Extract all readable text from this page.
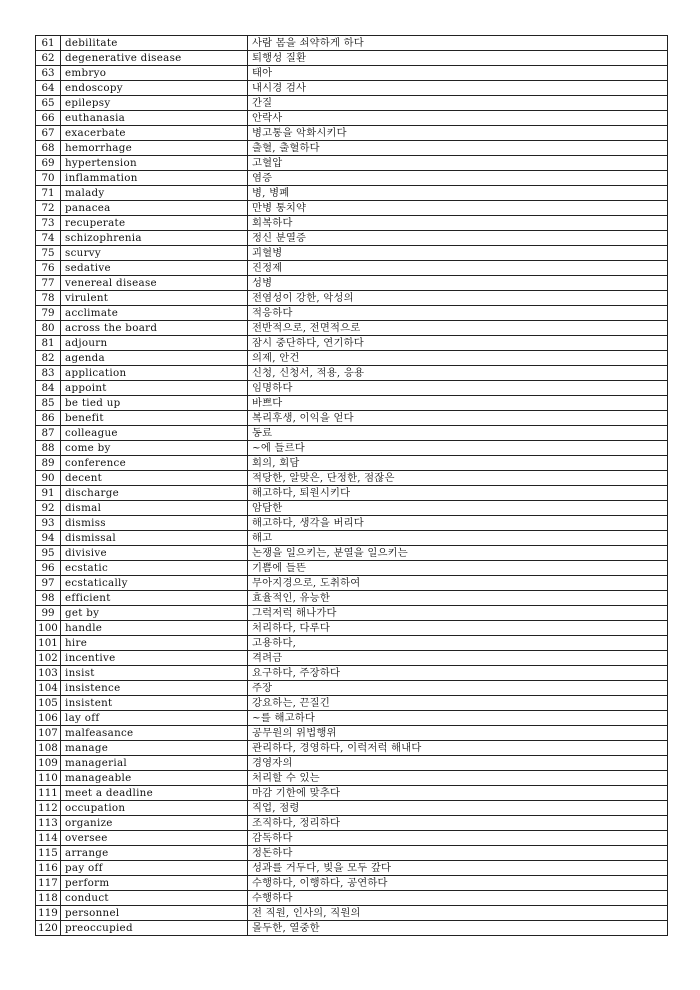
61	debilitate	사람 몸을 쇠약하게 하다
62	degenerative disease	퇴행성 질환
63	embryo	태아
64	endoscopy	내시경 검사
65	epilepsy	간질
66	euthanasia	안락사
67	exacerbate	병고통을 악화시키다
68	hemorrhage	출혈, 출혈하다
69	hypertension	고혈압
70	inflammation	염증
71	malady	병, 병폐
72	panacea	만병 통치약
73	recuperate	회복하다
74	schizophrenia	정신 분열증
75	scurvy	괴혈병
76	sedative	진정제
77	venereal disease	성병
78	virulent	전염성이 강한, 악성의
79	acclimate	적응하다
80	across the board	전반적으로, 전면적으로
81	adjourn	잠시 중단하다, 연기하다
82	agenda	의제, 안건
83	application	신청, 신청서, 적용, 응용
84	appoint	임명하다
85	be tied up	바쁘다
86	benefit	복리후생, 이익을 얻다
87	colleague	동료
88	come by	~에 들르다
89	conference	회의, 회담
90	decent	적당한, 알맞은, 단정한, 점잖은
91	discharge	해고하다, 퇴원시키다
92	dismal	암담한
93	dismiss	해고하다, 생각을 버리다
94	dismissal	해고
95	divisive	논쟁을 일으키는, 분열을 일으키는
96	ecstatic	기쁨에 들뜬
97	ecstatically	무아지경으로, 도취하여
98	efficient	효율적인, 유능한
99	get by	그럭저럭 해나가다
100	handle	처리하다, 다루다
101	hire	고용하다,
102	incentive	격려금
103	insist	요구하다, 주장하다
104	insistence	주장
105	insistent	강요하는, 끈질긴
106	lay off	~를 해고하다
107	malfeasance	공무원의 위법행위
108	manage	관리하다, 경영하다, 이럭저럭 해내다
109	managerial	경영자의
110	manageable	처리할 수 있는
111	meet a deadline	마감 기한에 맞추다
112	occupation	직업, 점령
113	organize	조직하다, 정리하다
114	oversee	감독하다
115	arrange	정돈하다
116	pay off	성과를 거두다, 빚을 모두 갚다
117	perform	수행하다, 이행하다, 공연하다
118	conduct	수행하다
119	personnel	전 직원, 인사의, 직원의
120	preoccupied	몰두한, 열중한
